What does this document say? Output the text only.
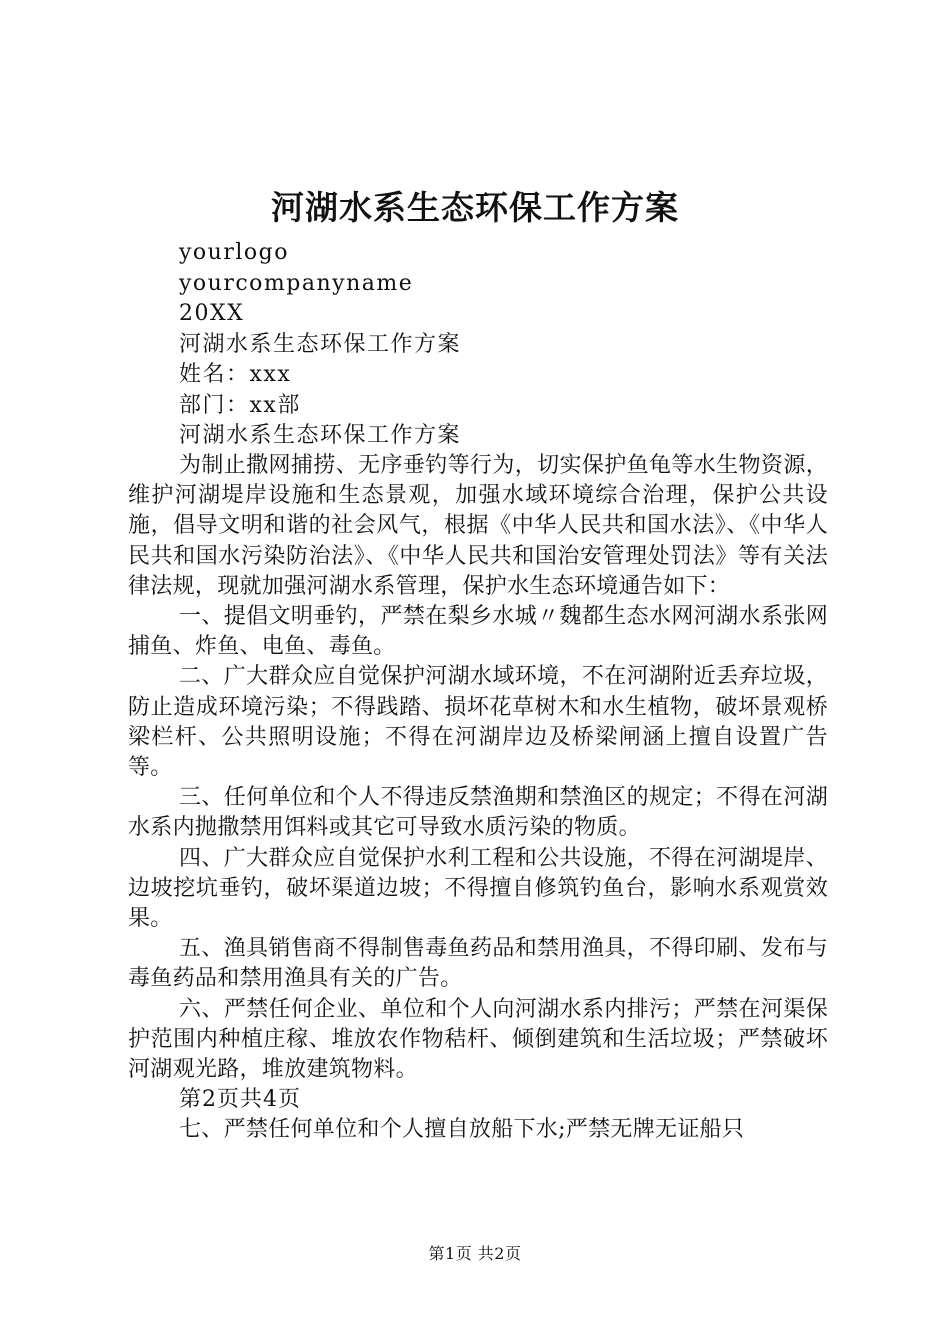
河湖水系生态环保工作方案
yourlogo
yourcompanyname
20XX
河湖水系生态环保工作方案
姓名：xxx
部门：xx部
河湖水系生态环保工作方案

为制止撒网捕捞、无序垂钓等行为，切实保护鱼龟等水生物资源，维护河湖堤岸设施和生态景观，加强水域环境综合治理，保护公共设施，倡导文明和谐的社会风气，根据《中华人民共和国水法》、《中华人民共和国水污染防治法》、《中华人民共和国治安管理处罚法》等有关法律法规，现就加强河湖水系管理，保护水生态环境通告如下：

一、提倡文明垂钓，严禁在梨乡水城〃魏都生态水网河湖水系张网捕鱼、炸鱼、电鱼、毒鱼。

二、广大群众应自觉保护河湖水域环境，不在河湖附近丢弃垃圾，防止造成环境污染；不得践踏、损坏花草树木和水生植物，破坏景观桥梁栏杆、公共照明设施；不得在河湖岸边及桥梁闸涵上擅自设置广告等。

三、任何单位和个人不得违反禁渔期和禁渔区的规定；不得在河湖水系内抛撒禁用饵料或其它可导致水质污染的物质。

四、广大群众应自觉保护水利工程和公共设施，不得在河湖堤岸、边坡挖坑垂钓，破坏渠道边坡；不得擅自修筑钓鱼台，影响水系观赏效果。

五、渔具销售商不得制售毒鱼药品和禁用渔具，不得印刷、发布与毒鱼药品和禁用渔具有关的广告。

六、严禁任何企业、单位和个人向河湖水系内排污；严禁在河渠保护范围内种植庄稼、堆放农作物秸杆、倾倒建筑和生活垃圾；严禁破坏河湖观光路，堆放建筑物料。

第2页共4页

七、严禁任何单位和个人擅自放船下水;严禁无牌无证船只

第1页 共2页
